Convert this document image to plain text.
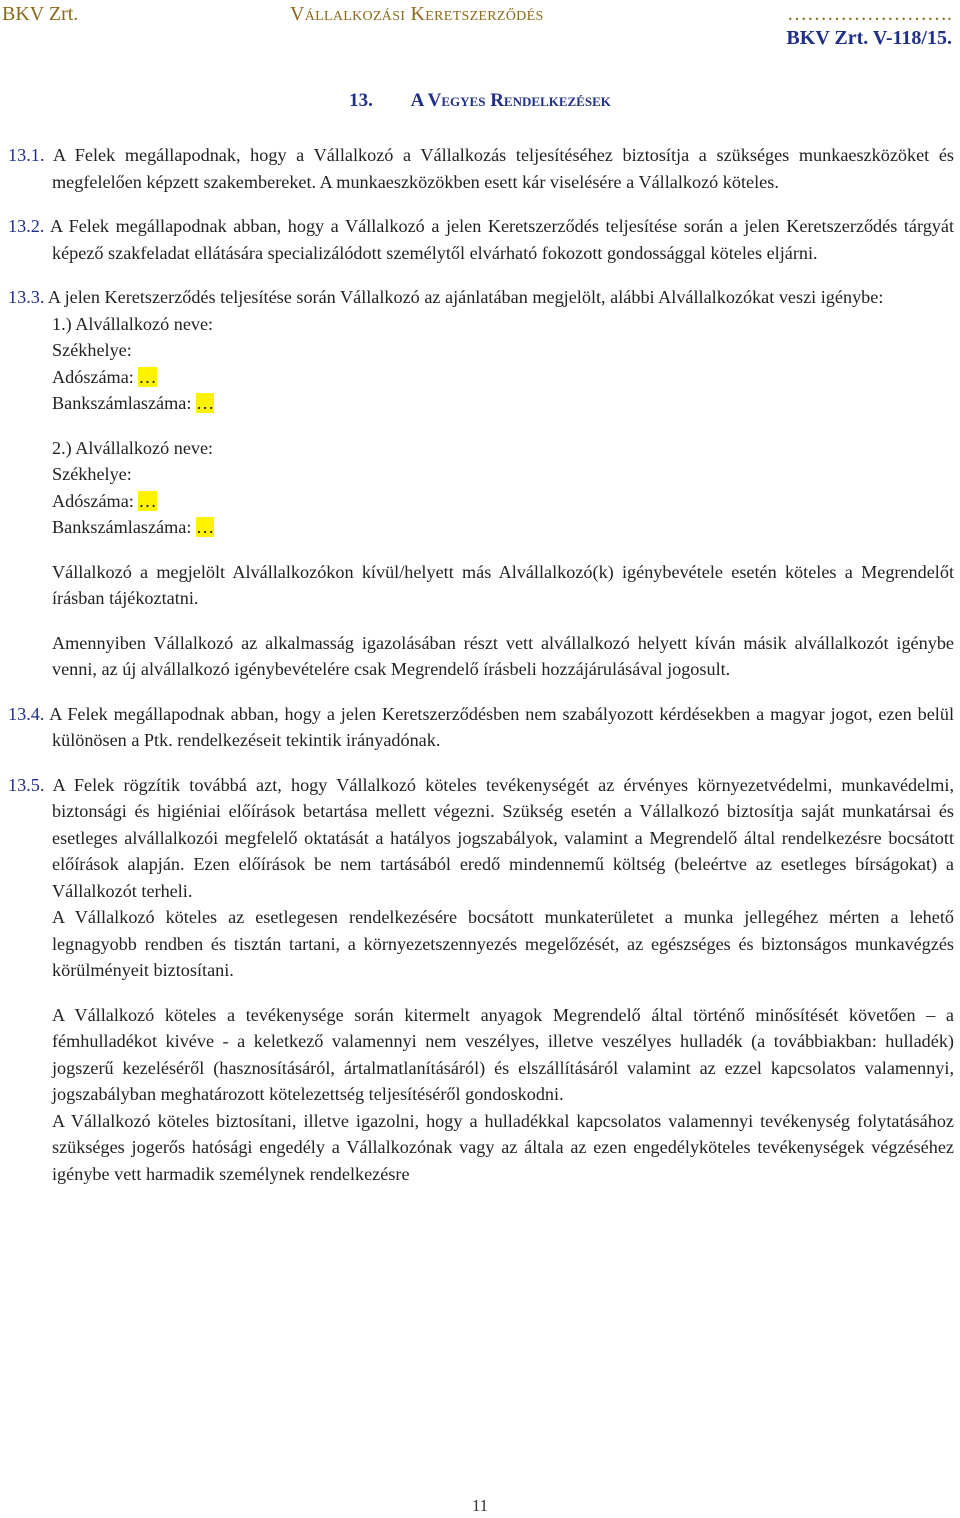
BKV Zrt.	Vállalkozási Keretszerződés	…………………….
BKV Zrt. V-118/15.
13. A Vegyes Rendelkezések
13.1. A Felek megállapodnak, hogy a Vállalkozó a Vállalkozás teljesítéséhez biztosítja a szükséges munkaeszközöket és megfelelően képzett szakembereket. A munkaeszközökben esett kár viselésére a Vállalkozó köteles.
13.2. A Felek megállapodnak abban, hogy a Vállalkozó a jelen Keretszerződés teljesítése során a jelen Keretszerződés tárgyát képező szakfeladat ellátására specializálódott személytől elvárható fokozott gondossággal köteles eljárni.
13.3. A jelen Keretszerződés teljesítése során Vállalkozó az ajánlatában megjelölt, alábbi Alvállalkozókat veszi igénybe:
1.) Alvállalkozó neve:
Székhelye:
Adószáma: …
Bankszámlaszáma: …
2.) Alvállalkozó neve:
Székhelye:
Adószáma: …
Bankszámlaszáma: …
Vállalkozó a megjelölt Alvállalkozókon kívül/helyett más Alvállalkozó(k) igénybevétele esetén köteles a Megrendelőt írásban tájékoztatni.
Amennyiben Vállalkozó az alkalmasság igazolásában részt vett alvállalkozó helyett kíván másik alvállalkozót igénybe venni, az új alvállalkozó igénybevételére csak Megrendelő írásbeli hozzájárulásával jogosult.
13.4. A Felek megállapodnak abban, hogy a jelen Keretszerződésben nem szabályozott kérdésekben a magyar jogot, ezen belül különösen a Ptk. rendelkezéseit tekintik irányadónak.
13.5. A Felek rögzítik továbbá azt, hogy Vállalkozó köteles tevékenységét az érvényes környezetvédelmi, munkavédelmi, biztonsági és higiéniai előírások betartása mellett végezni. Szükség esetén a Vállalkozó biztosítja saját munkatársai és esetleges alvállalkozói megfelelő oktatását a hatályos jogszabályok, valamint a Megrendelő által rendelkezésre bocsátott előírások alapján. Ezen előírások be nem tartásából eredő mindennemű költség (beleértve az esetleges bírságokat) a Vállalkozót terheli.
A Vállalkozó köteles az esetlegesen rendelkezésére bocsátott munkaterületet a munka jellegéhez mérten a lehető legnagyobb rendben és tisztán tartani, a környezetszennyezés megelőzését, az egészséges és biztonságos munkavégzés körülményeit biztosítani.
A Vállalkozó köteles a tevékenysége során kitermelt anyagok Megrendelő által történő minősítését követően – a fémhulladékot kivéve - a keletkező valamennyi nem veszélyes, illetve veszélyes hulladék (a továbbiakban: hulladék) jogszerű kezeléséről (hasznosításáról, ártalmatlanításáról) és elszállításáról valamint az ezzel kapcsolatos valamennyi, jogszabályban meghatározott kötelezettség teljesítéséről gondoskodni.
A Vállalkozó köteles biztosítani, illetve igazolni, hogy a hulladékkal kapcsolatos valamennyi tevékenység folytatásához szükséges jogerős hatósági engedély a Vállalkozónak vagy az általa az ezen engedélyköteles tevékenységek végzéséhez igénybe vett harmadik személynek rendelkezésre
11
